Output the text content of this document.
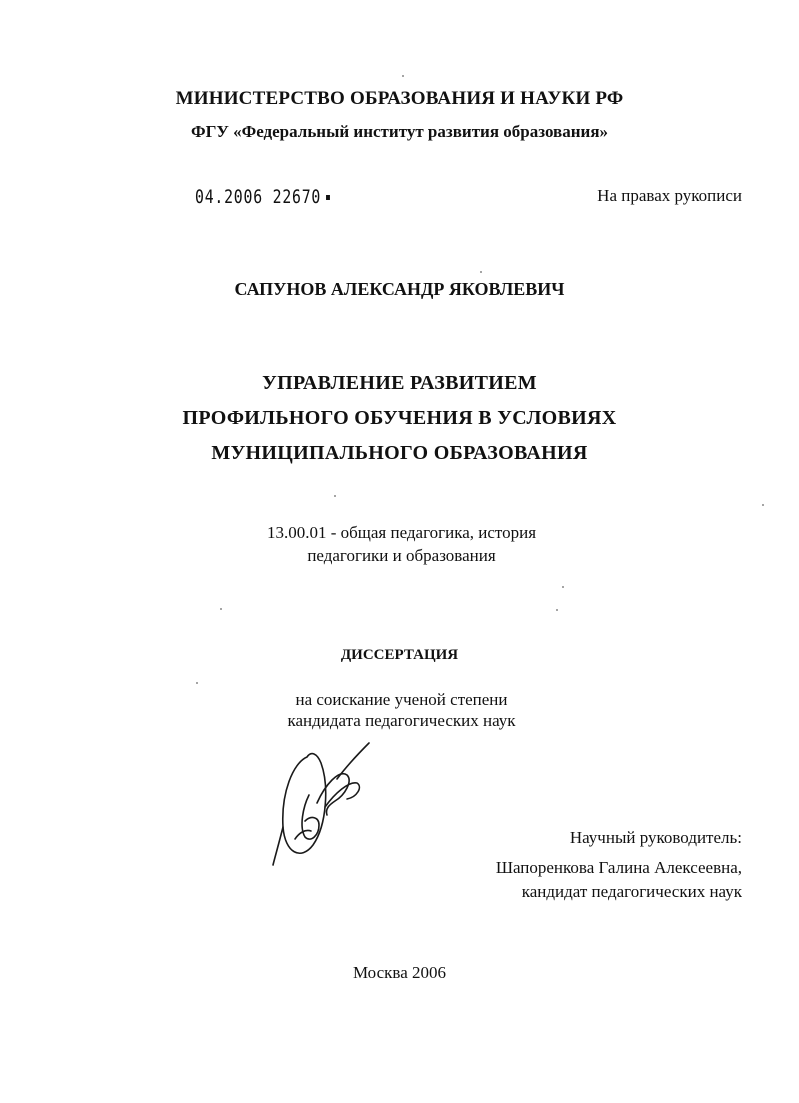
МИНИСТЕРСТВО ОБРАЗОВАНИЯ И НАУКИ РФ
ФГУ «Федеральный институт развития образования»
04.2006 22670	На правах рукописи
САПУНОВ АЛЕКСАНДР ЯКОВЛЕВИЧ
УПРАВЛЕНИЕ РАЗВИТИЕМ
ПРОФИЛЬНОГО ОБУЧЕНИЯ В УСЛОВИЯХ
МУНИЦИПАЛЬНОГО ОБРАЗОВАНИЯ
13.00.01 - общая педагогика, история
педагогики и образования
ДИССЕРТАЦИЯ
на соискание ученой степени
кандидата педагогических наук
Научный руководитель:
Шапоренкова Галина Алексеевна,
кандидат педагогических наук
Москва 2006
